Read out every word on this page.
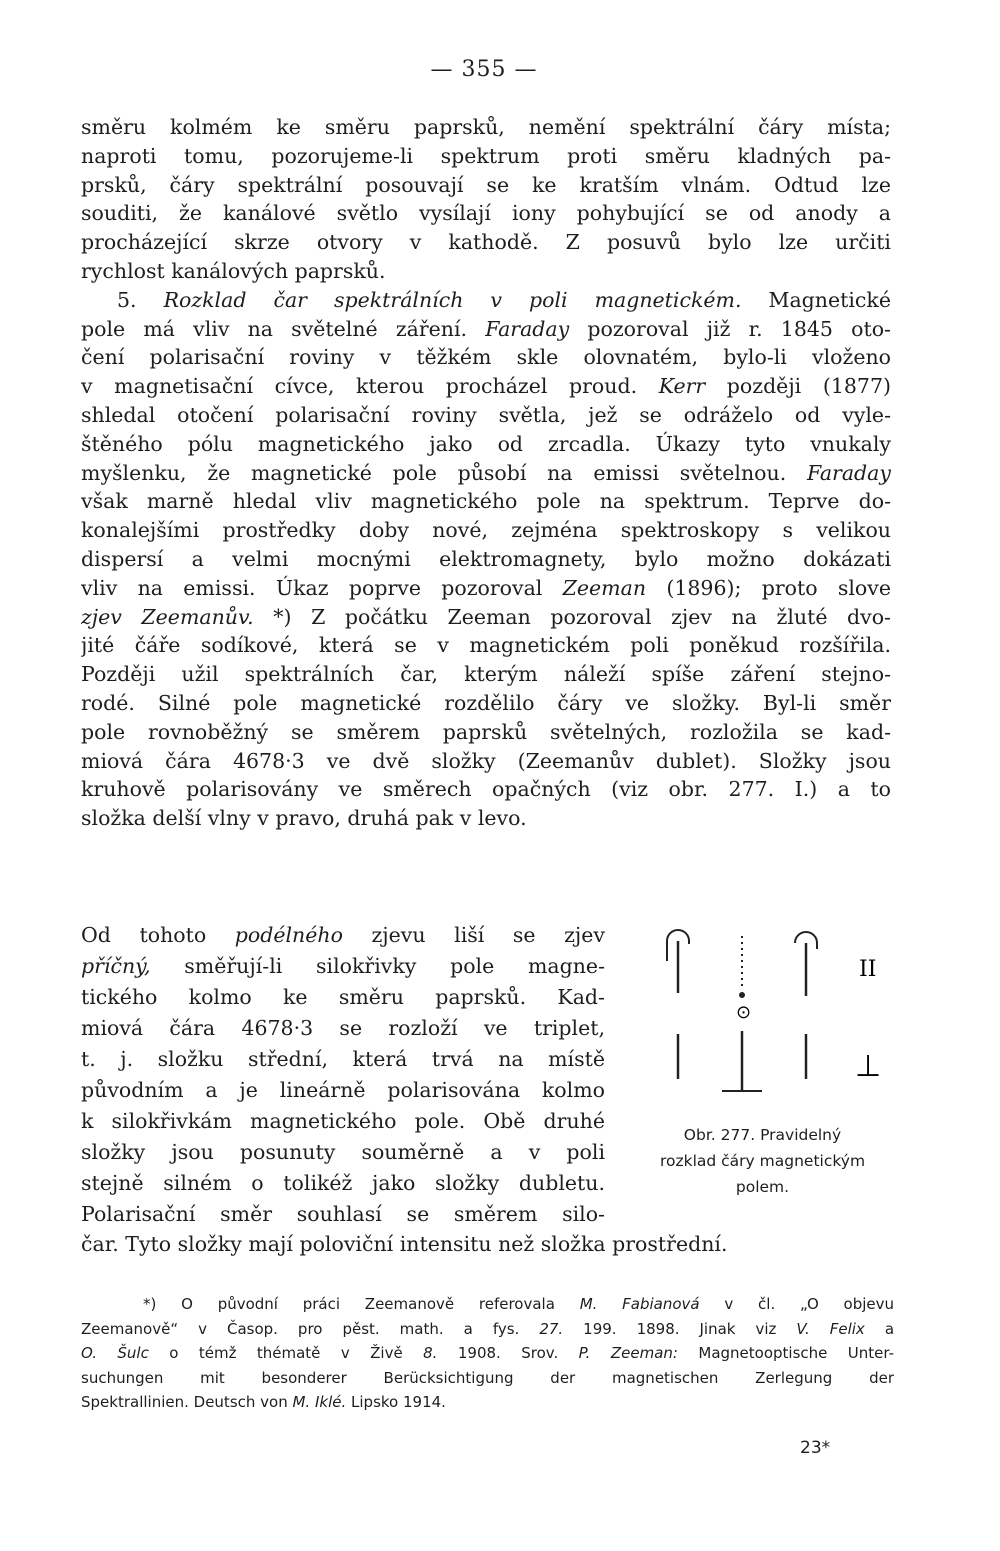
— 355 —
směru kolmém ke směru paprsků, nemění spektrální čáry místa;
naproti tomu, pozorujeme-li spektrum proti směru kladných pa-
prsků, čáry spektrální posouvají se ke kratším vlnám. Odtud lze
souditi, že kanálové světlo vysílají iony pohybující se od anody a
procházející skrze otvory v kathodě. Z posuvů bylo lze určiti
rychlost kanálových paprsků.
5. Rozklad čar spektrálních v poli magnetickém. Magnetické
pole má vliv na světelné záření. Faraday pozoroval již r. 1845 oto-
čení polarisační roviny v těžkém skle olovnatém, bylo-li vloženo
v magnetisační cívce, kterou procházel proud. Kerr později (1877)
shledal otočení polarisační roviny světla, jež se odráželo od vyle-
štěného pólu magnetického jako od zrcadla. Úkazy tyto vnukaly
myšlenku, že magnetické pole působí na emissi světelnou. Faraday
však marně hledal vliv magnetického pole na spektrum. Teprve do-
konalejšími prostředky doby nové, zejména spektroskopy s velikou
dispersí a velmi mocnými elektromagnety, bylo možno dokázati
vliv na emissi. Úkaz poprve pozoroval Zeeman (1896); proto slove
zjev Zeemanův. *) Z počátku Zeeman pozoroval zjev na žluté dvo-
jité čáře sodíkové, která se v magnetickém poli poněkud rozšířila.
Později užil spektrálních čar, kterým náleží spíše záření stejno-
rodé. Silné pole magnetické rozdělilo čáry ve složky. Byl-li směr
pole rovnoběžný se směrem paprsků světelných, rozložila se kad-
miová čára 4678·3 ve dvě složky (Zeemanův dublet). Složky jsou
kruhově polarisovány ve směrech opačných (viz obr. 277. I.) a to
složka delší vlny v pravo, druhá pak v levo.
Od tohoto podélného zjevu liší se zjev
příčný, směřují-li silokřivky pole magne-
tického kolmo ke směru paprsků. Kad-
miová čára 4678·3 se rozloží ve triplet,
t. j. složku střední, která trvá na místě
původním a je lineárně polarisována kolmo
k silokřivkám magnetického pole. Obě druhé
složky jsou posunuty souměrně a v poli
stejně silném o tolikéž jako složky dubletu.
Polarisační směr souhlasí se směrem silo-
čar. Tyto složky mají poloviční intensitu než složka prostřední.
⊙
II
⊥
Obr. 277. Pravidelný
rozklad čáry magnetickým
polem.
*) O původní práci Zeemanově referovala M. Fabianová v čl. „O objevu
Zeemanově“ v Časop. pro pěst. math. a fys. 27. 199. 1898. Jinak viz V. Felix a
O. Šulc o témž thématě v Živě 8. 1908. Srov. P. Zeeman: Magnetooptische Unter-
suchungen mit besonderer Berücksichtigung der magnetischen Zerlegung der
Spektrallinien. Deutsch von M. Iklé. Lipsko 1914.
23*
